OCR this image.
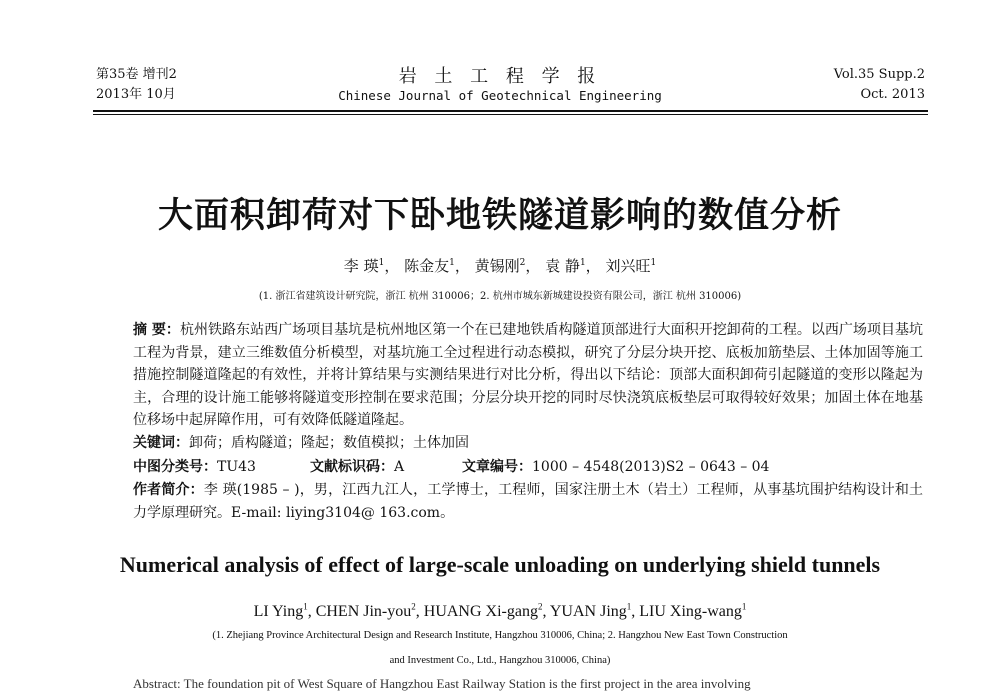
第35卷 增刊2
2013年 10月
岩 土 工 程 学 报
Chinese Journal of Geotechnical Engineering
Vol.35 Supp.2
Oct. 2013
大面积卸荷对下卧地铁隧道影响的数值分析
李 瑛$^1$， 陈金友$^1$， 黄锡刚$^2$， 袁 静$^1$， 刘兴旺$^1$
(1. 浙江省建筑设计研究院，浙江 杭州 310006；2. 杭州市城东新城建设投资有限公司，浙江 杭州 310006)

摘 要：杭州铁路东站西广场项目基坑是杭州地区第一个在已建地铁盾构隧道顶部进行大面积开挖卸荷的工程。以西广场项目基坑工程为背景，建立三维数值分析模型，对基坑施工全过程进行动态模拟，研究了分层分块开挖、底板加筋垫层、土体加固等施工措施控制隧道隆起的有效性，并将计算结果与实测结果进行对比分析，得出以下结论：顶部大面积卸荷引起隧道的变形以隆起为主，合理的设计施工能够将隧道变形控制在要求范围；分层分块开挖的同时尽快浇筑底板垫层可取得较好效果；加固土体在地基位移场中起屏障作用，可有效降低隧道隆起。

关键词：卸荷；盾构隧道；隆起；数值模拟；土体加固
中图分类号：TU43	文献标识码：A	文章编号：1000 – 4548(2013)S2 – 0643 – 04

作者简介：李 瑛(1985 – )，男，江西九江人，工学博士，工程师，国家注册土木（岩土）工程师，从事基坑围护结构设计和土力学原理研究。E-mail: liying3104@ 163.com。

Numerical analysis of effect of large-scale unloading on underlying shield tunnels
LI Ying$^1$, CHEN Jin-you$^2$, HUANG Xi-gang$^2$, YUAN Jing$^1$, LIU Xing-wang$^1$
(1. Zhejiang Province Architectural Design and Research Institute, Hangzhou 310006, China; 2. Hangzhou New East Town Construction
and Investment Co., Ltd., Hangzhou 310006, China)
Abstract: The foundation pit of West Square of Hangzhou East Railway Station is the first project in the area involving
